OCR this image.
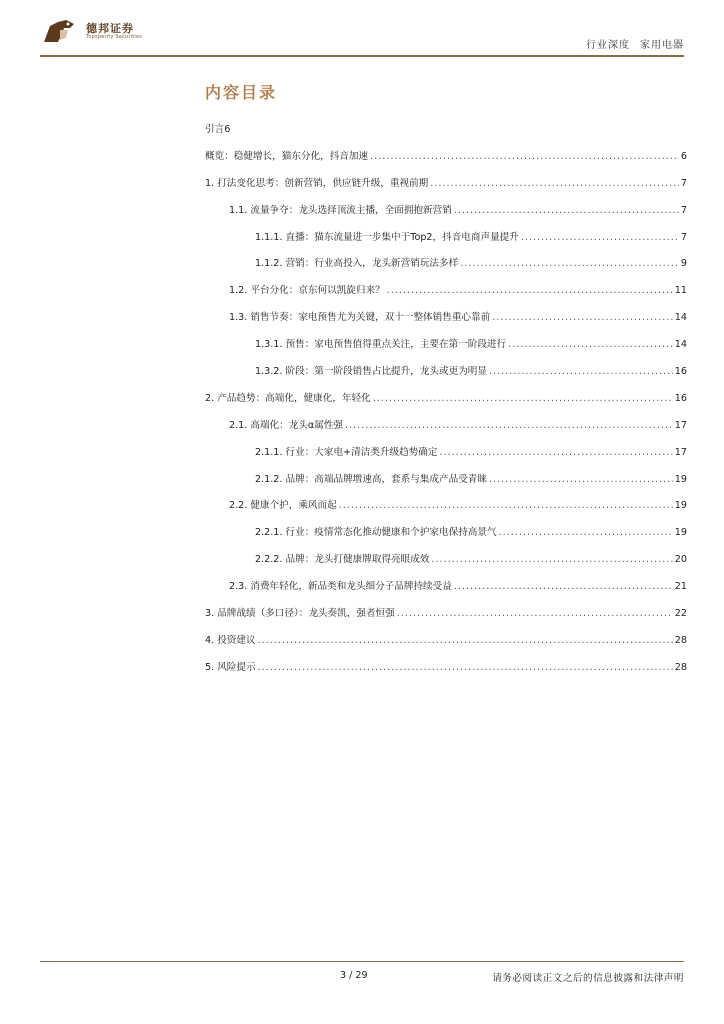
德邦证券
Topsperity Securities
行业深度 家用电器
内容目录
引言 6
概览：稳健增长，猫东分化，抖音加速 .....	6
1. 打法变化思考：创新营销，供应链升级，重视前期 .....	7
1.1. 流量争夺：龙头选择顶流主播，全面拥抱新营销 .....	7
1.1.1. 直播：猫东流量进一步集中于Top2，抖音电商声量提升 .....	7
1.1.2. 营销：行业高投入，龙头新营销玩法多样 .....	9
1.2. 平台分化：京东何以凯旋归来？ .....	11
1.3. 销售节奏：家电预售尤为关键，双十一整体销售重心靠前 .....	14
1.3.1. 预售：家电预售值得重点关注，主要在第一阶段进行 .....	14
1.3.2. 阶段：第一阶段销售占比提升，龙头或更为明显 .....	16
2. 产品趋势：高端化，健康化，年轻化 .....	16
2.1. 高端化：龙头α属性强 .....	17
2.1.1. 行业：大家电+清洁类升级趋势确定 .....	17
2.1.2. 品牌：高端品牌增速高，套系与集成产品受青睐 .....	19
2.2. 健康个护，乘风而起 .....	19
2.2.1. 行业：疫情常态化推动健康和个护家电保持高景气 .....	19
2.2.2. 品牌：龙头打健康牌取得亮眼成效 .....	20
2.3. 消费年轻化，新品类和龙头细分子品牌持续受益 .....	21
3. 品牌战绩（多口径）：龙头奏凯，强者恒强 .....	22
4. 投资建议 .....	28
5. 风险提示 .....	28
3 / 29	请务必阅读正文之后的信息披露和法律声明
